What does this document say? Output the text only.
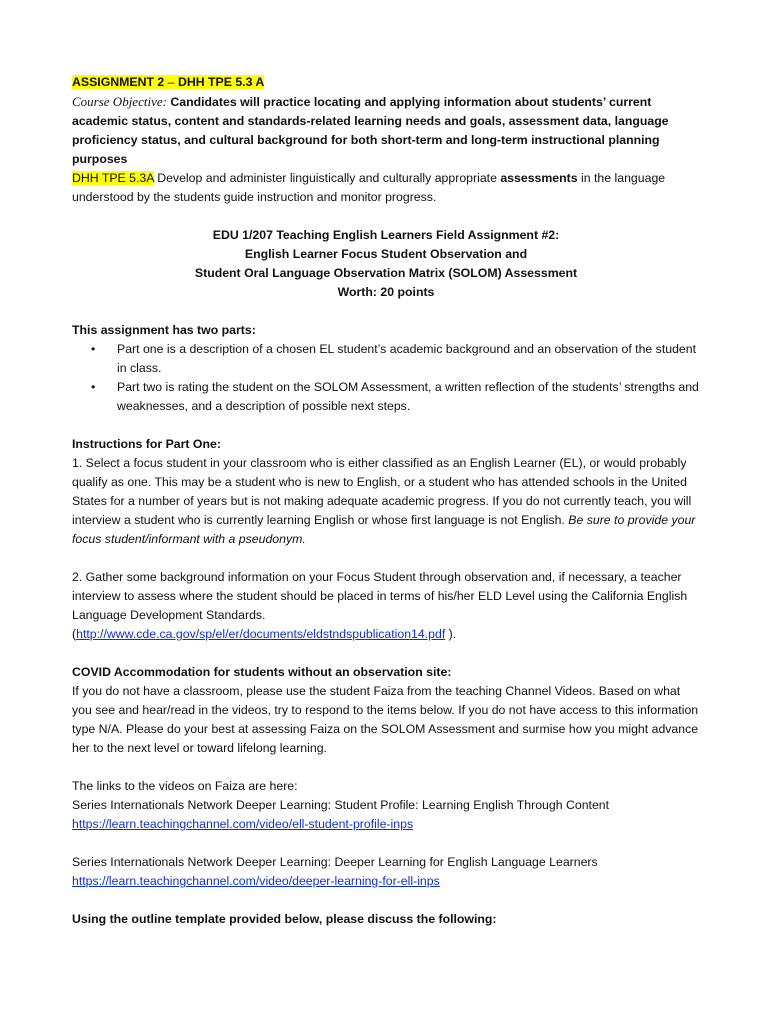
ASSIGNMENT 2 – DHH TPE 5.3 A

Course Objective: Candidates will practice locating and applying information about students’ current academic status, content and standards-related learning needs and goals, assessment data, language proficiency status, and cultural background for both short-term and long-term instructional planning purposes

DHH TPE 5.3A Develop and administer linguistically and culturally appropriate assessments in the language understood by the students guide instruction and monitor progress.

EDU 1/207 Teaching English Learners Field Assignment #2:

English Learner Focus Student Observation and

Student Oral Language Observation Matrix (SOLOM) Assessment

Worth: 20 points

This assignment has two parts:

• Part one is a description of a chosen EL student’s academic background and an observation of the student in class.
• Part two is rating the student on the SOLOM Assessment, a written reflection of the students’ strengths and weaknesses, and a description of possible next steps.

Instructions for Part One:

1. Select a focus student in your classroom who is either classified as an English Learner (EL), or would probably qualify as one. This may be a student who is new to English, or a student who has attended schools in the United States for a number of years but is not making adequate academic progress. If you do not currently teach, you will interview a student who is currently learning English or whose first language is not English. Be sure to provide your focus student/informant with a pseudonym.

2. Gather some background information on your Focus Student through observation and, if necessary, a teacher interview to assess where the student should be placed in terms of his/her ELD Level using the California English Language Development Standards.
(http://www.cde.ca.gov/sp/el/er/documents/eldstndspublication14.pdf ).

COVID Accommodation for students without an observation site:

If you do not have a classroom, please use the student Faiza from the teaching Channel Videos. Based on what you see and hear/read in the videos, try to respond to the items below. If you do not have access to this information type N/A. Please do your best at assessing Faiza on the SOLOM Assessment and surmise how you might advance her to the next level or toward lifelong learning.

The links to the videos on Faiza are here:

Series Internationals Network Deeper Learning: Student Profile: Learning English Through Content

https://learn.teachingchannel.com/video/ell-student-profile-inps

Series Internationals Network Deeper Learning: Deeper Learning for English Language Learners

https://learn.teachingchannel.com/video/deeper-learning-for-ell-inps

Using the outline template provided below, please discuss the following:
